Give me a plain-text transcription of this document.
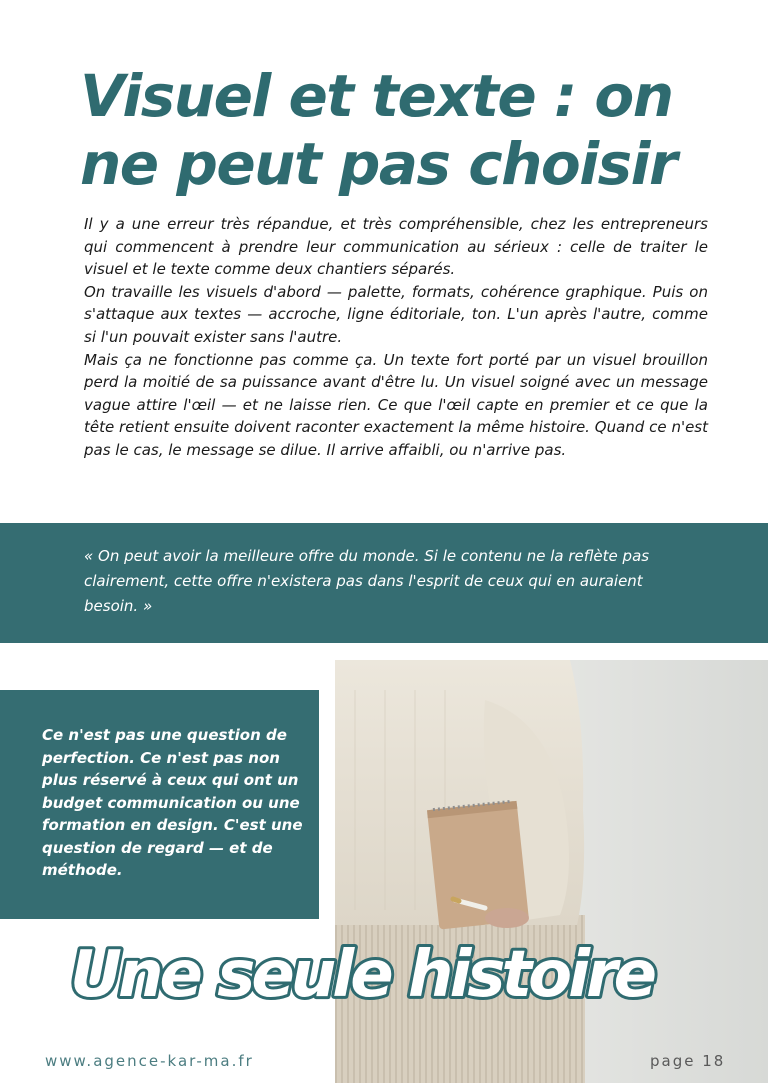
Visuel et texte : on
ne peut pas choisir

Il y a une erreur très répandue, et très compréhensible, chez les entrepreneurs qui commencent à prendre leur communication au sérieux : celle de traiter le visuel et le texte comme deux chantiers séparés.

On travaille les visuels d'abord — palette, formats, cohérence graphique. Puis on s'attaque aux textes — accroche, ligne éditoriale, ton. L'un après l'autre, comme si l'un pouvait exister sans l'autre.

Mais ça ne fonctionne pas comme ça. Un texte fort porté par un visuel brouillon perd la moitié de sa puissance avant d'être lu. Un visuel soigné avec un message vague attire l'œil — et ne laisse rien. Ce que l'œil capte en premier et ce que la tête retient ensuite doivent raconter exactement la même histoire. Quand ce n'est pas le cas, le message se dilue. Il arrive affaibli, ou n'arrive pas.

« On peut avoir la meilleure offre du monde. Si le contenu ne la reflète pas clairement, cette offre n'existera pas dans l'esprit de ceux qui en auraient besoin. »

Ce n'est pas une question de perfection. Ce n'est pas non plus réservé à ceux qui ont un budget communication ou une formation en design. C'est une question de regard — et de méthode.

Une seule histoire
www.agence-kar-ma.fr	page 18
